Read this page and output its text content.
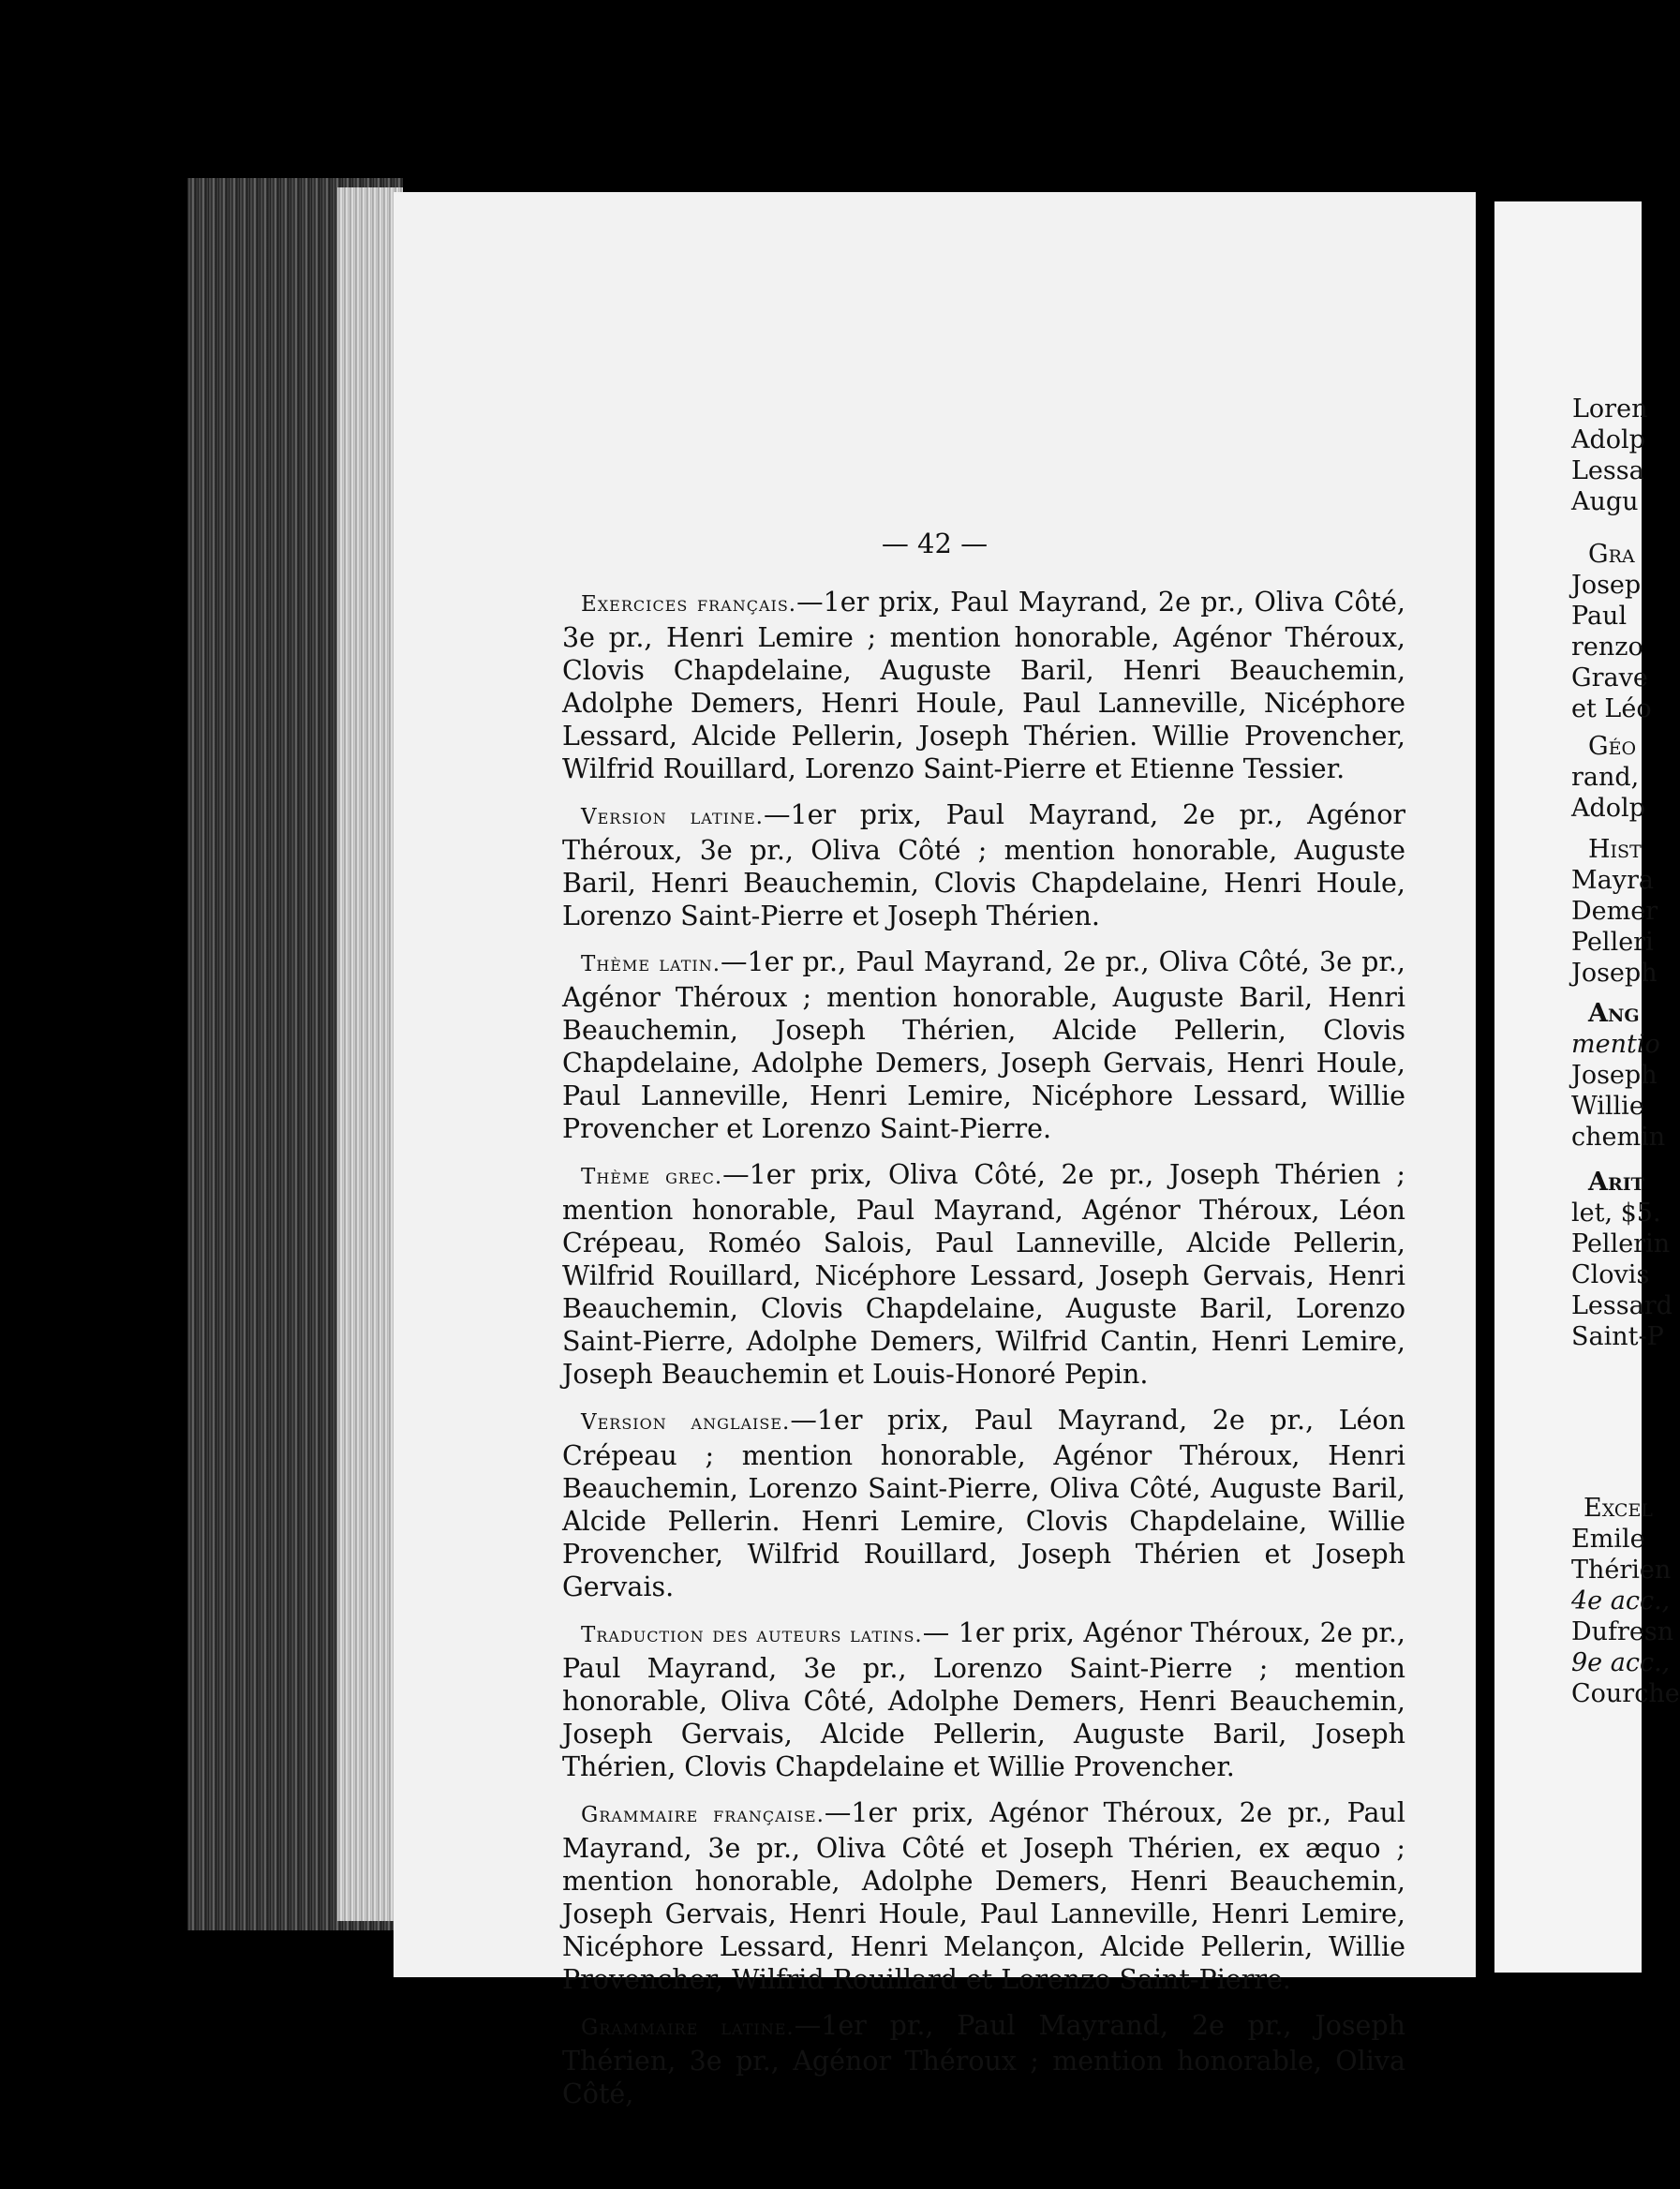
— 42 —

Exercices français.—1er prix, Paul Mayrand, 2e pr., Oliva Côté, 3e pr., Henri Lemire ; mention honorable, Agénor Théroux, Clovis Chapdelaine, Auguste Baril, Henri Beauchemin, Adolphe Demers, Henri Houle, Paul Lanneville, Nicéphore Lessard, Alcide Pellerin, Joseph Thérien. Willie Provencher, Wilfrid Rouillard, Lorenzo Saint-Pierre et Etienne Tessier.

Version latine.—1er prix, Paul Mayrand, 2e pr., Agénor Théroux, 3e pr., Oliva Côté ; mention honorable, Auguste Baril, Henri Beauchemin, Clovis Chapdelaine, Henri Houle, Lorenzo Saint-Pierre et Joseph Thérien.

Thème latin.—1er pr., Paul Mayrand, 2e pr., Oliva Côté, 3e pr., Agénor Théroux ; mention honorable, Auguste Baril, Henri Beauchemin, Joseph Thérien, Alcide Pellerin, Clovis Chapdelaine, Adolphe Demers, Joseph Gervais, Henri Houle, Paul Lanneville, Henri Lemire, Nicéphore Lessard, Willie Provencher et Lorenzo Saint-Pierre.

Thème grec.—1er prix, Oliva Côté, 2e pr., Joseph Thérien ; mention honorable, Paul Mayrand, Agénor Théroux, Léon Crépeau, Roméo Salois, Paul Lanneville, Alcide Pellerin, Wilfrid Rouillard, Nicéphore Lessard, Joseph Gervais, Henri Beauchemin, Clovis Chapdelaine, Auguste Baril, Lorenzo Saint-Pierre, Adolphe Demers, Wilfrid Cantin, Henri Lemire, Joseph Beauchemin et Louis-Honoré Pepin.

Version anglaise.—1er prix, Paul Mayrand, 2e pr., Léon Crépeau ; mention honorable, Agénor Théroux, Henri Beauchemin, Lorenzo Saint-Pierre, Oliva Côté, Auguste Baril, Alcide Pellerin. Henri Lemire, Clovis Chapdelaine, Willie Provencher, Wilfrid Rouillard, Joseph Thérien et Joseph Gervais.

Traduction des auteurs latins.— 1er prix, Agénor Théroux, 2e pr., Paul Mayrand, 3e pr., Lorenzo Saint-Pierre ; mention honorable, Oliva Côté, Adolphe Demers, Henri Beauchemin, Joseph Gervais, Alcide Pellerin, Auguste Baril, Joseph Thérien, Clovis Chapdelaine et Willie Provencher.

Grammaire française.—1er prix, Agénor Théroux, 2e pr., Paul Mayrand, 3e pr., Oliva Côté et Joseph Thérien, ex æquo ; mention honorable, Adolphe Demers, Henri Beauchemin, Joseph Gervais, Henri Houle, Paul Lanneville, Henri Lemire, Nicéphore Lessard, Henri Melançon, Alcide Pellerin, Willie Provencher, Wilfrid Rouillard et Lorenzo Saint-Pierre.

Grammaire latine.—1er pr., Paul Mayrand, 2e pr., Joseph Thérien, 3e pr., Agénor Théroux ; mention honorable, Oliva Côté,

Loren
Adolp
Lessa
Augu
Gra
Josep
Paul
renzo
Grave
et Léo
Géo
rand,
Adolp
Hist
Mayra
Demer
Pelleri
Joseph
Ang
mentio
Joseph
Willie
chemin
Arit
let, $5.
Pellerin
Clovis
Lessard
Saint-P
Excel
Emile
Thérien
4e acc.,
Dufresn
9e acc.,
Courche
